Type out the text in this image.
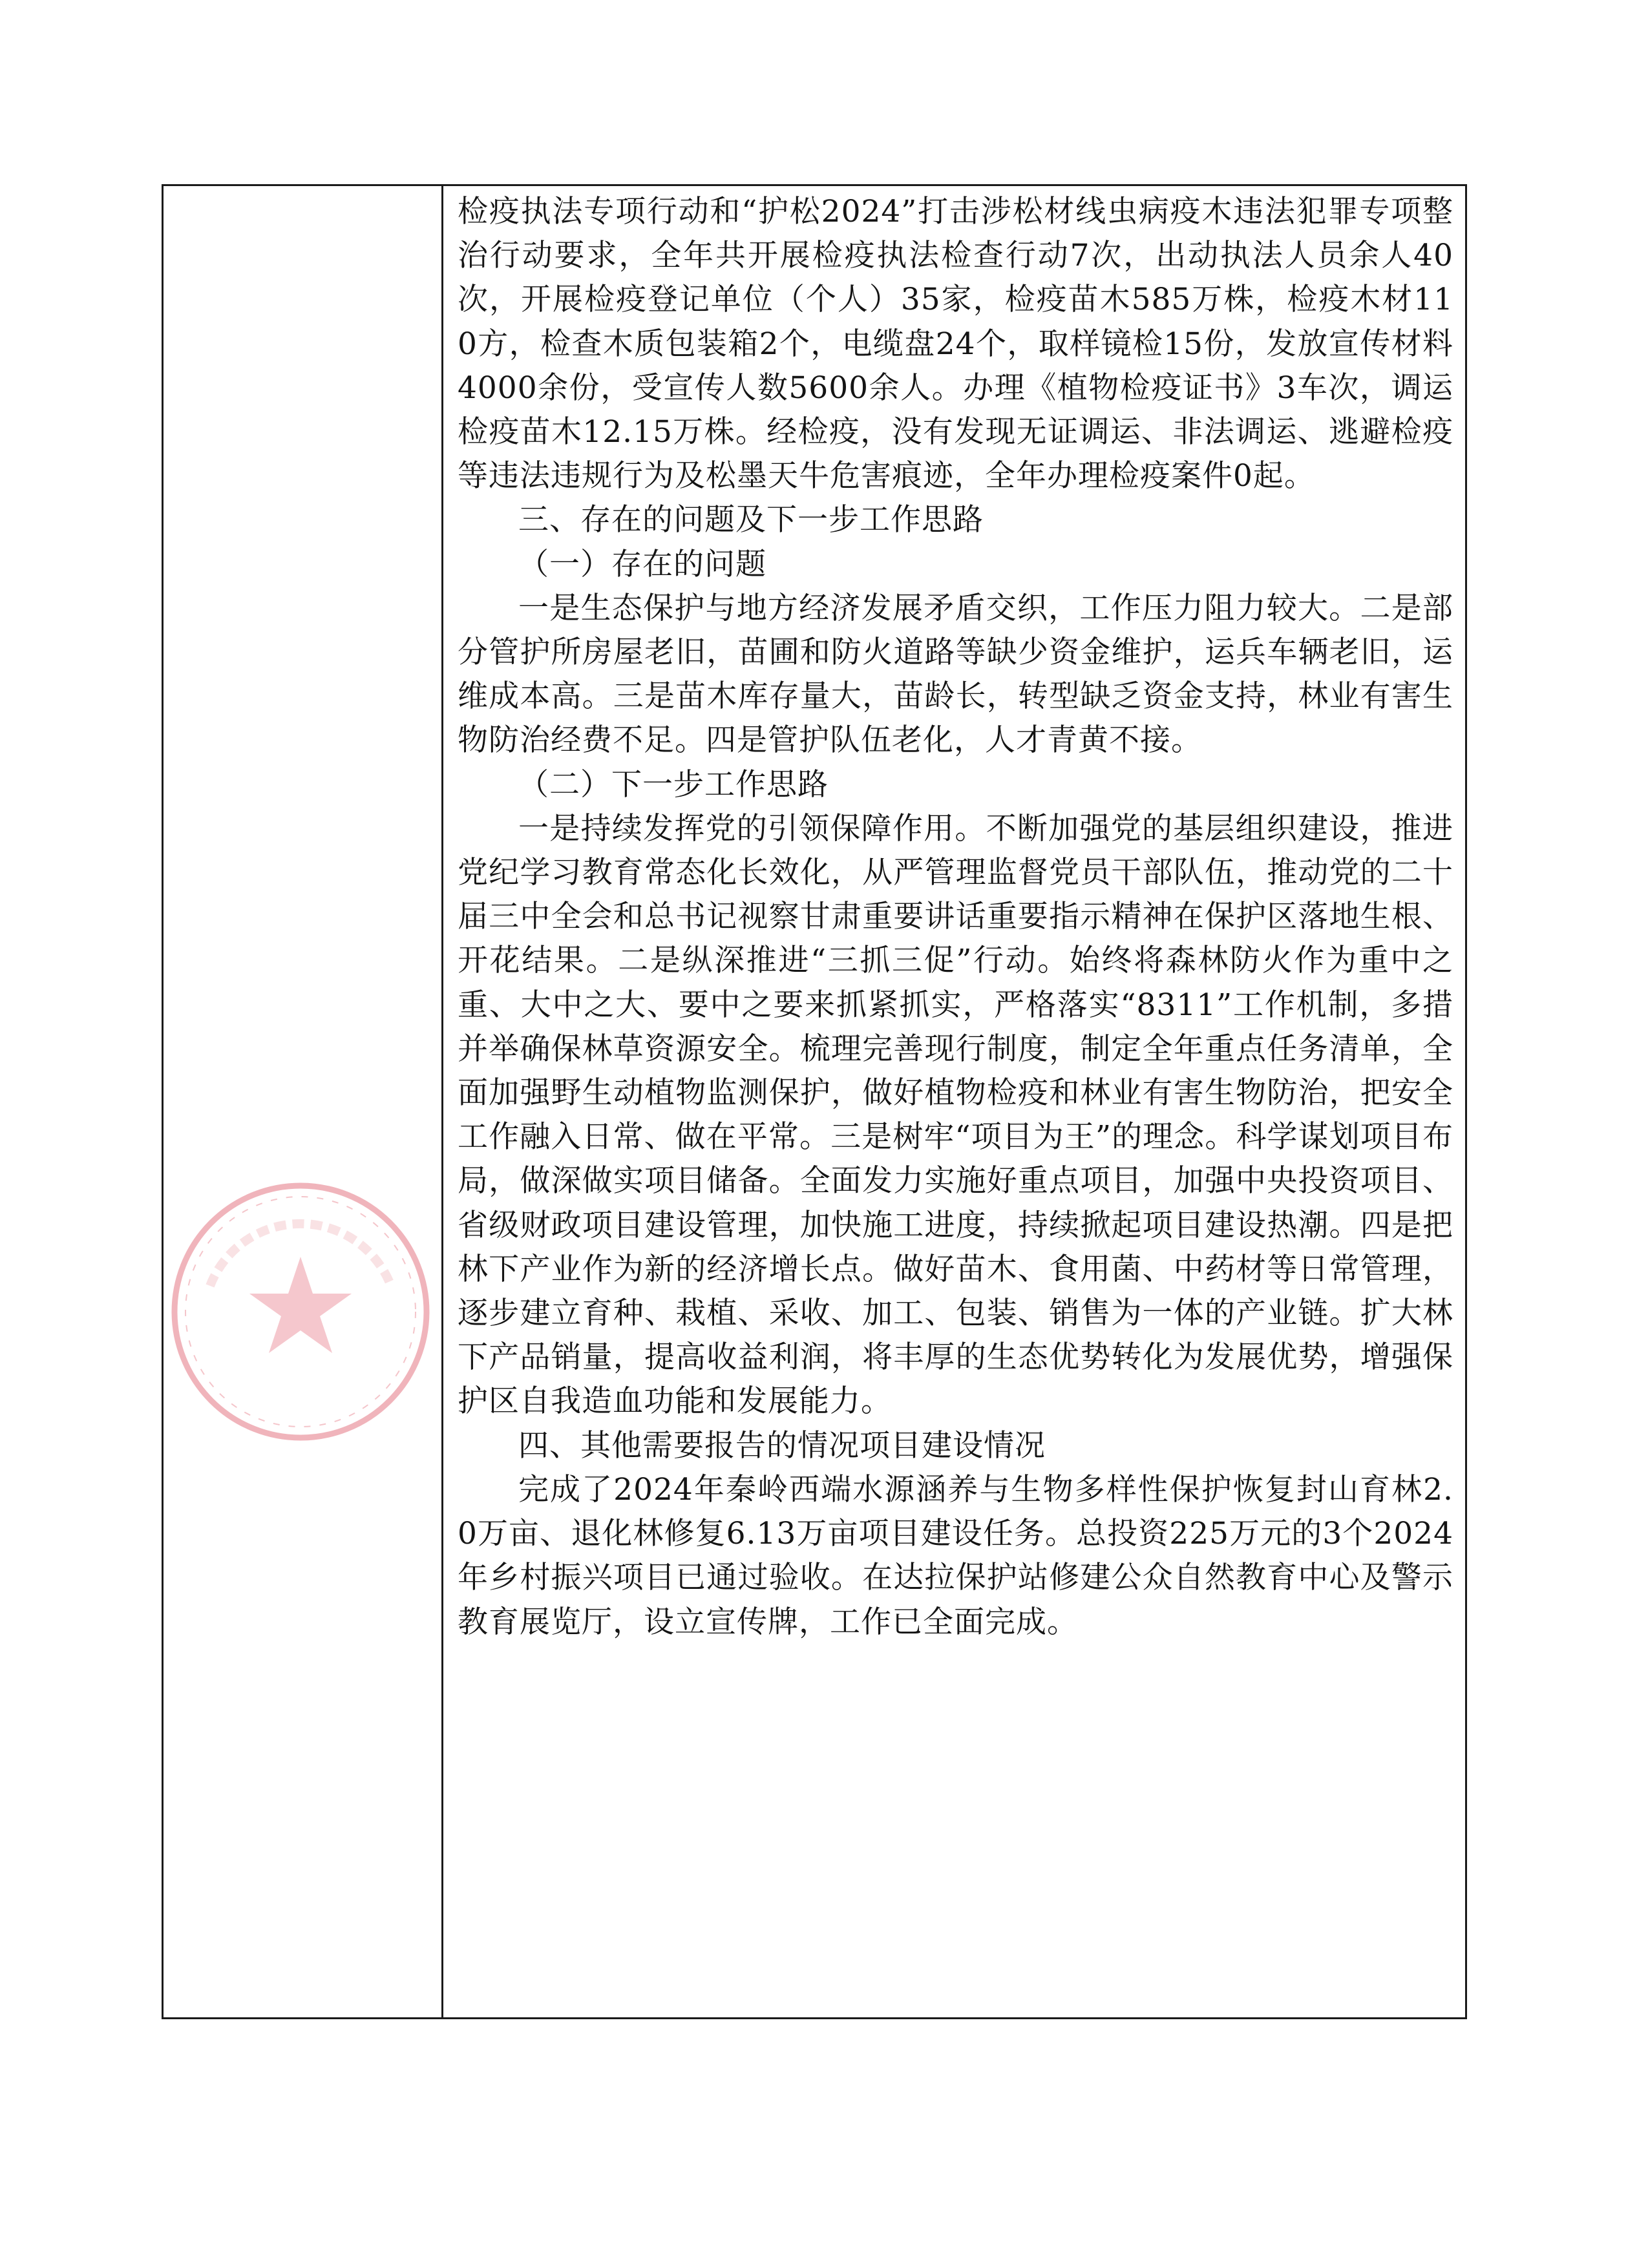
检疫执法专项行动和“护松2024”打击涉松材线虫病疫木违法犯罪专项整治行动要求，全年共开展检疫执法检查行动7次，出动执法人员余人40次，开展检疫登记单位（个人）35家，检疫苗木585万株，检疫木材110方，检查木质包装箱2个，电缆盘24个，取样镜检15份，发放宣传材料4000余份，受宣传人数5600余人。办理《植物检疫证书》3车次，调运检疫苗木12.15万株。经检疫，没有发现无证调运、非法调运、逃避检疫等违法违规行为及松墨天牛危害痕迹，全年办理检疫案件0起。

三、存在的问题及下一步工作思路

（一）存在的问题

一是生态保护与地方经济发展矛盾交织，工作压力阻力较大。二是部分管护所房屋老旧，苗圃和防火道路等缺少资金维护，运兵车辆老旧，运维成本高。三是苗木库存量大，苗龄长，转型缺乏资金支持，林业有害生物防治经费不足。四是管护队伍老化，人才青黄不接。

（二）下一步工作思路

一是持续发挥党的引领保障作用。不断加强党的基层组织建设，推进党纪学习教育常态化长效化，从严管理监督党员干部队伍，推动党的二十届三中全会和总书记视察甘肃重要讲话重要指示精神在保护区落地生根、开花结果。二是纵深推进“三抓三促”行动。始终将森林防火作为重中之重、大中之大、要中之要来抓紧抓实，严格落实“8311”工作机制，多措并举确保林草资源安全。梳理完善现行制度，制定全年重点任务清单，全面加强野生动植物监测保护，做好植物检疫和林业有害生物防治，把安全工作融入日常、做在平常。三是树牢“项目为王”的理念。科学谋划项目布局，做深做实项目储备。全面发力实施好重点项目，加强中央投资项目、省级财政项目建设管理，加快施工进度，持续掀起项目建设热潮。四是把林下产业作为新的经济增长点。做好苗木、食用菌、中药材等日常管理，逐步建立育种、栽植、采收、加工、包装、销售为一体的产业链。扩大林下产品销量，提高收益利润，将丰厚的生态优势转化为发展优势，增强保护区自我造血功能和发展能力。

四、其他需要报告的情况项目建设情况

完成了2024年秦岭西端水源涵养与生物多样性保护恢复封山育林2.0万亩、退化林修复6.13万亩项目建设任务。总投资225万元的3个2024年乡村振兴项目已通过验收。在达拉保护站修建公众自然教育中心及警示教育展览厅，设立宣传牌，工作已全面完成。
